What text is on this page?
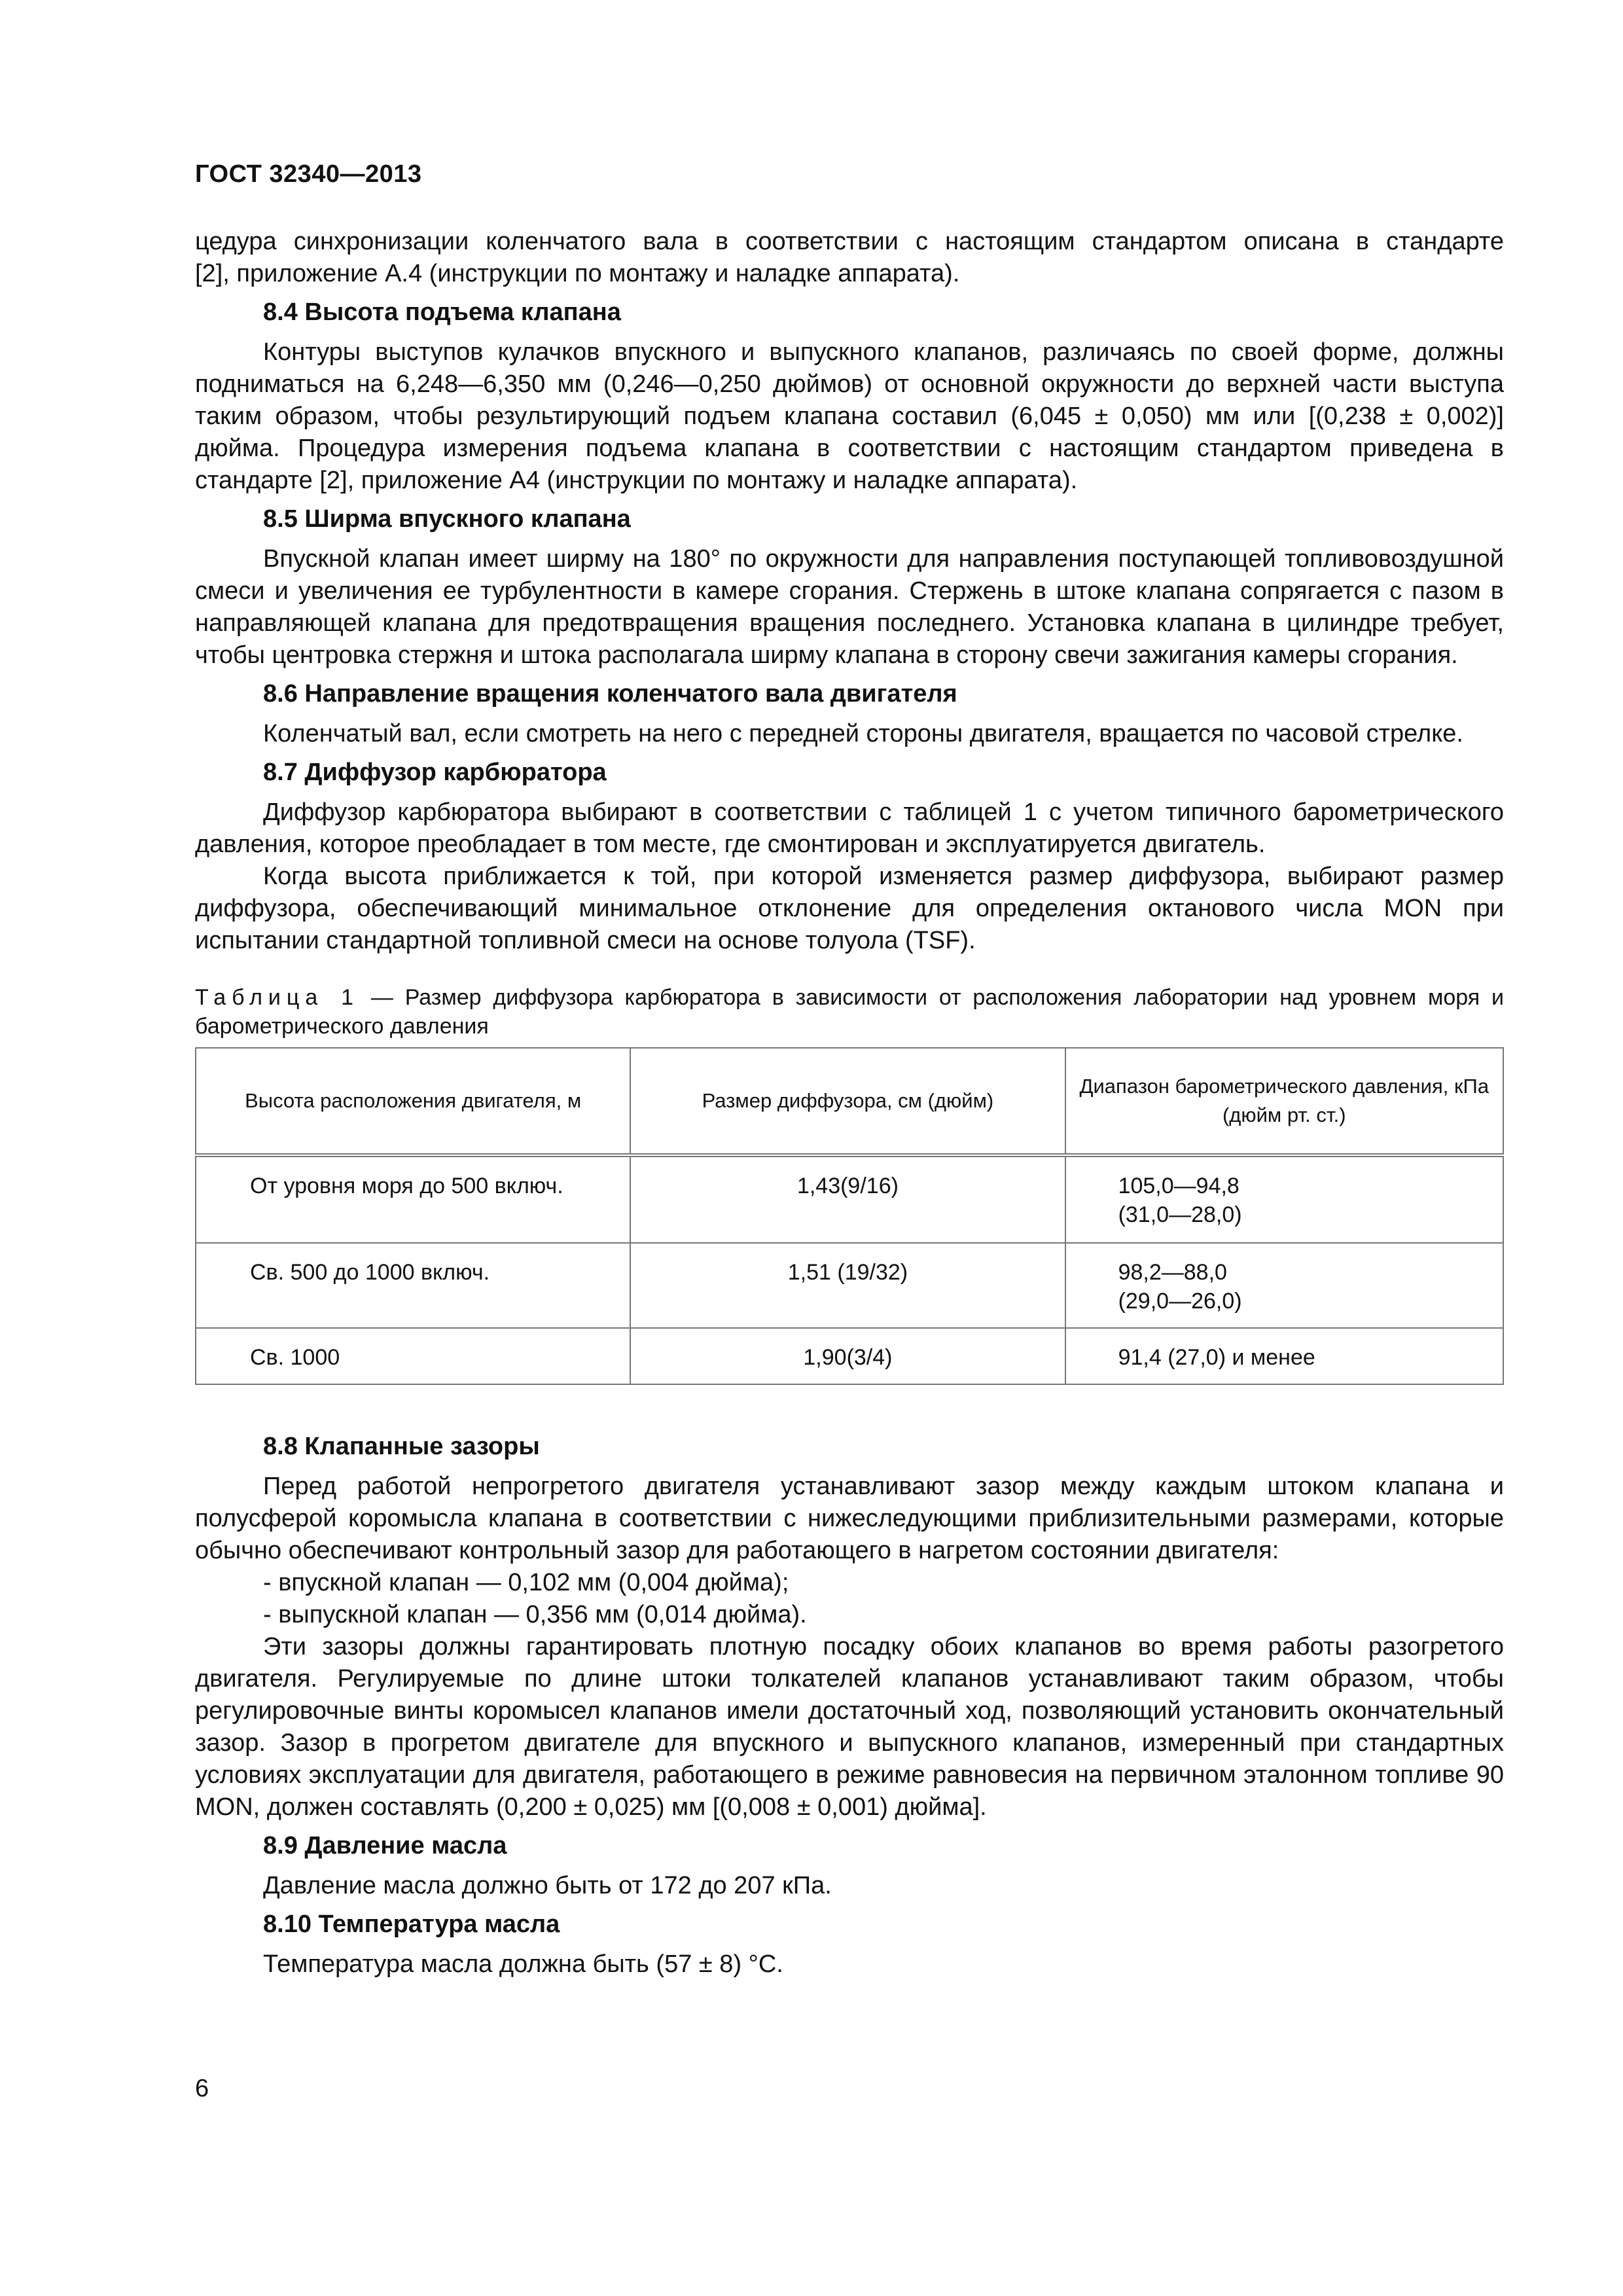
ГОСТ 32340—2013

цедура синхронизации коленчатого вала в соответствии с настоящим стандартом описана в стандарте

[2], приложение А.4 (инструкции по монтажу и наладке аппарата).

8.4 Высота подъема клапана

Контуры выступов кулачков впускного и выпускного клапанов, различаясь по своей форме, должны подниматься на 6,248—6,350 мм (0,246—0,250 дюймов) от основной окружности до верхней части выступа таким образом, чтобы результирующий подъем клапана составил (6,045 ± 0,050) мм или [(0,238 ± 0,002)] дюйма. Процедура измерения подъема клапана в соответствии с настоящим стандартом приведена в стандарте [2], приложение А4 (инструкции по монтажу и наладке аппарата).

8.5 Ширма впускного клапана

Впускной клапан имеет ширму на 180° по окружности для направления поступающей топливовоздушной смеси и увеличения ее турбулентности в камере сгорания. Стержень в штоке клапана сопрягается с пазом в направляющей клапана для предотвращения вращения последнего. Установка клапана в цилиндре требует, чтобы центровка стержня и штока располагала ширму клапана в сторону свечи зажигания камеры сгорания.

8.6 Направление вращения коленчатого вала двигателя

Коленчатый вал, если смотреть на него с передней стороны двигателя, вращается по часовой стрелке.

8.7 Диффузор карбюратора

Диффузор карбюратора выбирают в соответствии с таблицей 1 с учетом типичного барометрического давления, которое преобладает в том месте, где смонтирован и эксплуатируется двигатель.

Когда высота приближается к той, при которой изменяется размер диффузора, выбирают размер диффузора, обеспечивающий минимальное отклонение для определения октанового числа MON при испытании стандартной топливной смеси на основе толуола (TSF).

Таблица 1 — Размер диффузора карбюратора в зависимости от расположения лаборатории над уровнем моря и барометрического давления
Высота расположения двигателя, м	Размер диффузора, см (дюйм)	Диапазон барометрического давления, кПа (дюйм рт. ст.)
От уровня моря до 500 включ.	1,43(9/16)	105,0—94,8
(31,0—28,0)

Св. 500 до 1000 включ.	1,51 (19/32)	98,2—88,0
(29,0—26,0)

Св. 1000	1,90(3/4)	91,4 (27,0) и менее
8.8 Клапанные зазоры

Перед работой непрогретого двигателя устанавливают зазор между каждым штоком клапана и полусферой коромысла клапана в соответствии с нижеследующими приблизительными размерами, которые обычно обеспечивают контрольный зазор для работающего в нагретом состоянии двигателя:

- впускной клапан — 0,102 мм (0,004 дюйма);

- выпускной клапан — 0,356 мм (0,014 дюйма).

Эти зазоры должны гарантировать плотную посадку обоих клапанов во время работы разогретого двигателя. Регулируемые по длине штоки толкателей клапанов устанавливают таким образом, чтобы регулировочные винты коромысел клапанов имели достаточный ход, позволяющий установить окончательный зазор. Зазор в прогретом двигателе для впускного и выпускного клапанов, измеренный при стандартных условиях эксплуатации для двигателя, работающего в режиме равновесия на первичном эталонном топливе 90 MON, должен составлять (0,200 ± 0,025) мм [(0,008 ± 0,001) дюйма].

8.9 Давление масла

Давление масла должно быть от 172 до 207 кПа.

8.10 Температура масла

Температура масла должна быть (57 ± 8) °С.

6
